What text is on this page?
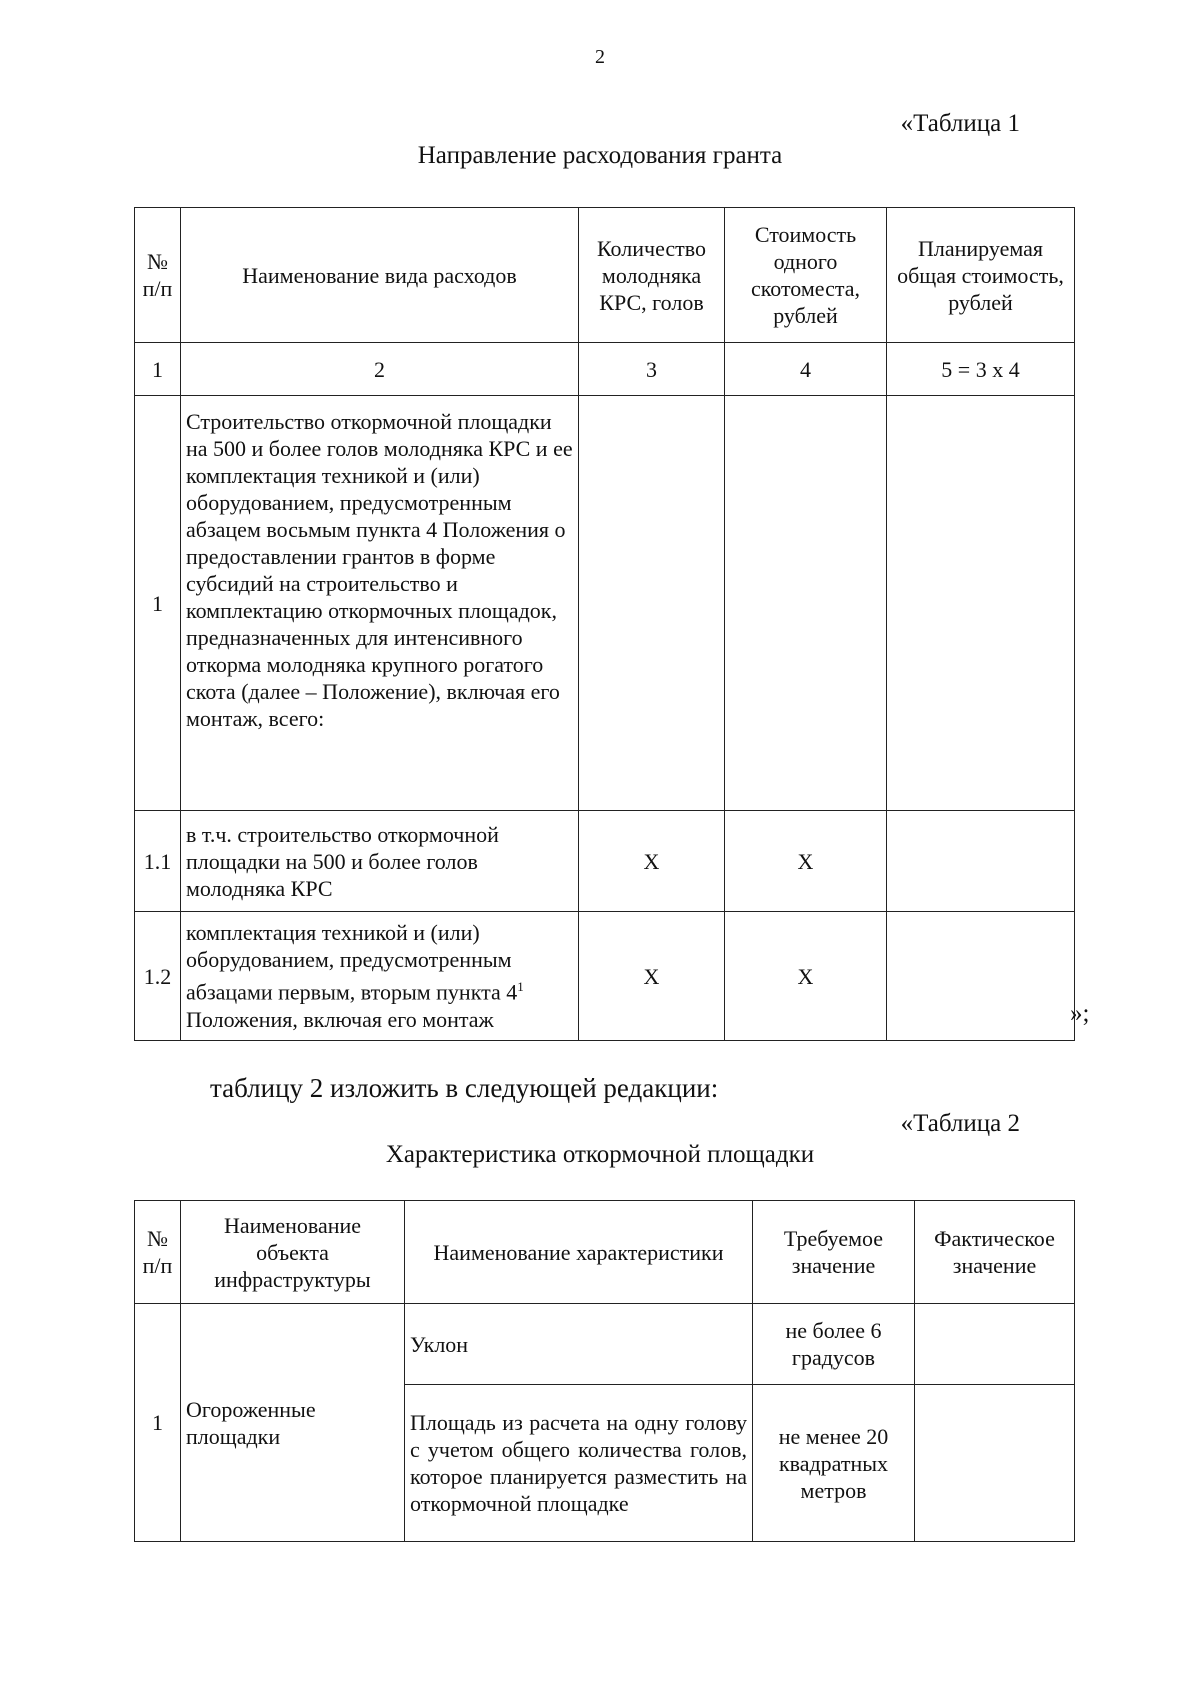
2
«Таблица 1
Направление расходования гранта
№ п/п	Наименование вида расходов	Количество молодняка КРС, голов	Стоимость одного скотоместа, рублей	Планируемая общая стоимость, рублей
1	2	3	4	5 = 3 x 4
1	Строительство откормочной площадки на 500 и более голов молодняка КРС и ее комплектация техникой и (или) оборудованием, предусмотренным абзацем восьмым пункта 4 Положения о предоставлении грантов в форме субсидий на строительство и комплектацию откормочных площадок, предназначенных для интенсивного откорма молодняка крупного рогатого скота (далее – Положение), включая его монтаж, всего:			
1.1	в т.ч. строительство откормочной площадки на 500 и более голов молодняка КРС	X	X	
1.2	комплектация техникой и (или) оборудованием, предусмотренным абзацами первым, вторым пункта $4^1$ Положения, включая его монтаж	X	X	
»;
таблицу 2 изложить в следующей редакции:
«Таблица 2
Характеристика откормочной площадки
№ п/п	Наименование объекта инфраструктуры	Наименование характеристики	Требуемое значение	Фактическое значение
1	Огороженные площадки	Уклон	не более 6 градусов	
		Площадь из расчета на одну голову с учетом общего количества голов, которое планируется разместить на откормочной площадке	не менее 20 квадратных метров	
